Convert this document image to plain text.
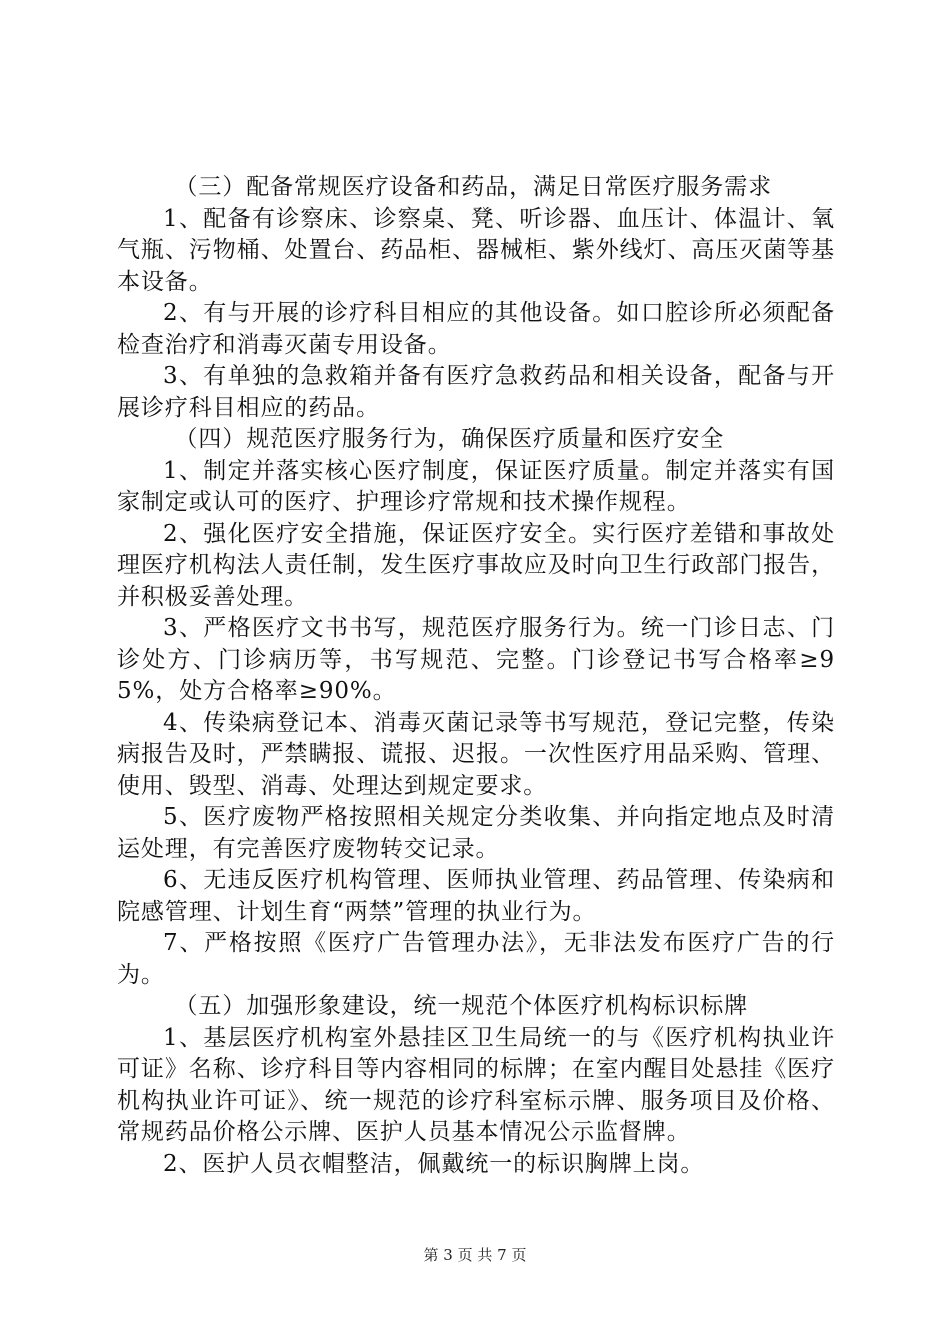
（三）配备常规医疗设备和药品，满足日常医疗服务需求

1、配备有诊察床、诊察桌、凳、听诊器、血压计、体温计、氧气瓶、污物桶、处置台、药品柜、器械柜、紫外线灯、高压灭菌等基本设备。

2、有与开展的诊疗科目相应的其他设备。如口腔诊所必须配备检查治疗和消毒灭菌专用设备。

3、有单独的急救箱并备有医疗急救药品和相关设备，配备与开展诊疗科目相应的药品。

（四）规范医疗服务行为，确保医疗质量和医疗安全

1、制定并落实核心医疗制度，保证医疗质量。制定并落实有国家制定或认可的医疗、护理诊疗常规和技术操作规程。

2、强化医疗安全措施，保证医疗安全。实行医疗差错和事故处理医疗机构法人责任制，发生医疗事故应及时向卫生行政部门报告，并积极妥善处理。

3、严格医疗文书书写，规范医疗服务行为。统一门诊日志、门诊处方、门诊病历等，书写规范、完整。门诊登记书写合格率≥95%，处方合格率≥90%。

4、传染病登记本、消毒灭菌记录等书写规范，登记完整，传染病报告及时，严禁瞒报、谎报、迟报。一次性医疗用品采购、管理、使用、毁型、消毒、处理达到规定要求。

5、医疗废物严格按照相关规定分类收集、并向指定地点及时清运处理，有完善医疗废物转交记录。

6、无违反医疗机构管理、医师执业管理、药品管理、传染病和院感管理、计划生育“两禁”管理的执业行为。

7、严格按照《医疗广告管理办法》，无非法发布医疗广告的行为。

（五）加强形象建设，统一规范个体医疗机构标识标牌

1、基层医疗机构室外悬挂区卫生局统一的与《医疗机构执业许可证》名称、诊疗科目等内容相同的标牌；在室内醒目处悬挂《医疗机构执业许可证》、统一规范的诊疗科室标示牌、服务项目及价格、常规药品价格公示牌、医护人员基本情况公示监督牌。

2、医护人员衣帽整洁，佩戴统一的标识胸牌上岗。

第 3 页 共 7 页
